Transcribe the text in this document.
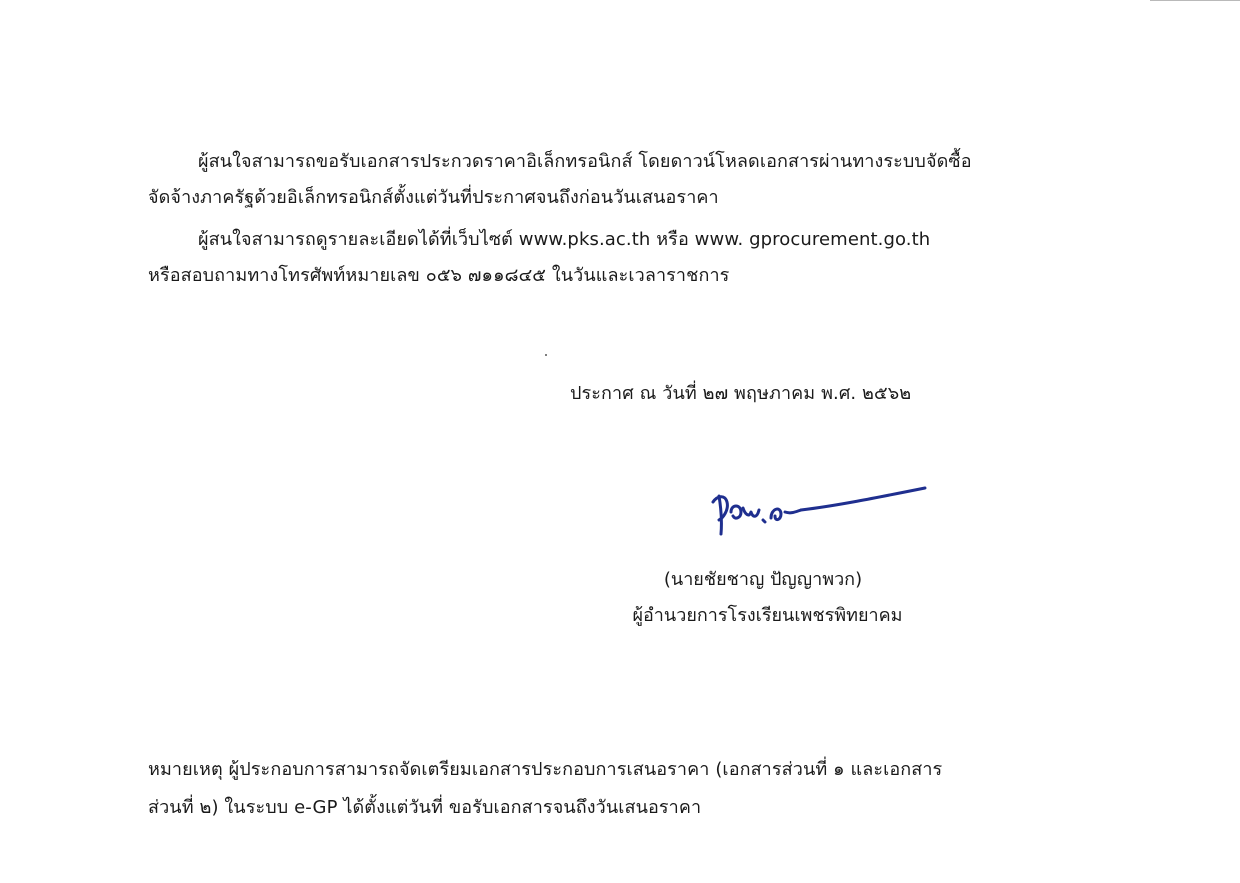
ผู้สนใจสามารถขอรับเอกสารประกวดราคาอิเล็กทรอนิกส์ โดยดาวน์โหลดเอกสารผ่านทางระบบจัดซื้อ
จัดจ้างภาครัฐด้วยอิเล็กทรอนิกส์ตั้งแต่วันที่ประกาศจนถึงก่อนวันเสนอราคา
ผู้สนใจสามารถดูรายละเอียดได้ที่เว็บไซต์ www.pks.ac.th หรือ www. gprocurement.go.th
หรือสอบถามทางโทรศัพท์หมายเลข ๐๕๖ ๗๑๑๘๔๕ ในวันและเวลาราชการ
ประกาศ ณ วันที่ ๒๗ พฤษภาคม พ.ศ. ๒๕๖๒
(นายชัยชาญ ปัญญาพวก)
ผู้อำนวยการโรงเรียนเพชรพิทยาคม
หมายเหตุ ผู้ประกอบการสามารถจัดเตรียมเอกสารประกอบการเสนอราคา (เอกสารส่วนที่ ๑ และเอกสาร
ส่วนที่ ๒) ในระบบ e-GP ได้ตั้งแต่วันที่ ขอรับเอกสารจนถึงวันเสนอราคา
